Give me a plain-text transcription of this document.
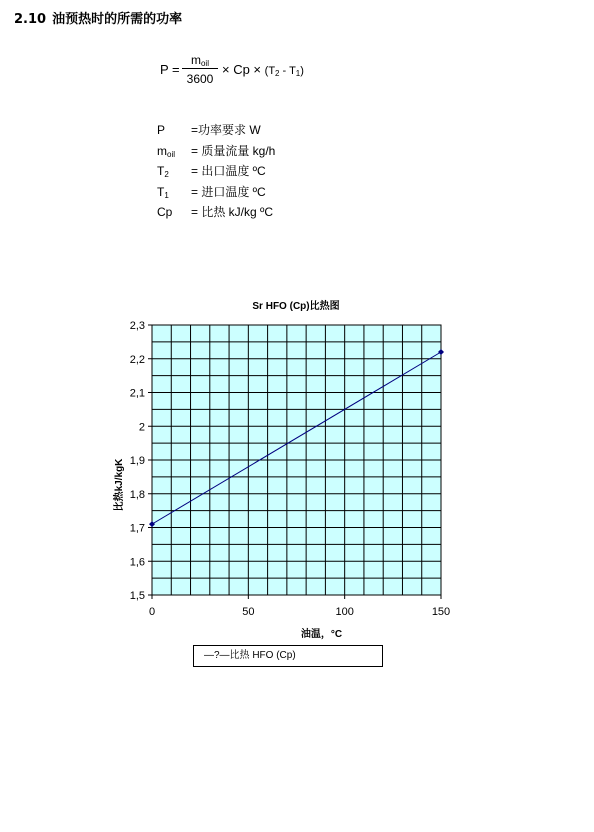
2.10 油预热时的所需的功率
P =
$m_{oil}$
3600
× $Cp \times (T_2 - T_1)$
P	=功率要求 W
$m_{oil}$	= 质量流量 kg/h
$T_2$	= 出口温度 ºC
$T_1$	= 进口温度 ºC
Cp	= 比热 kJ/kg ºC
Sr HFO (Cp)比热图
1,5
1,6
1,7
1,8
1,9
2
2,1
2,2
2,3
0	50	100	150
油温，°C
比热kJ/kgK
—?—比热 HFO (Cp)
